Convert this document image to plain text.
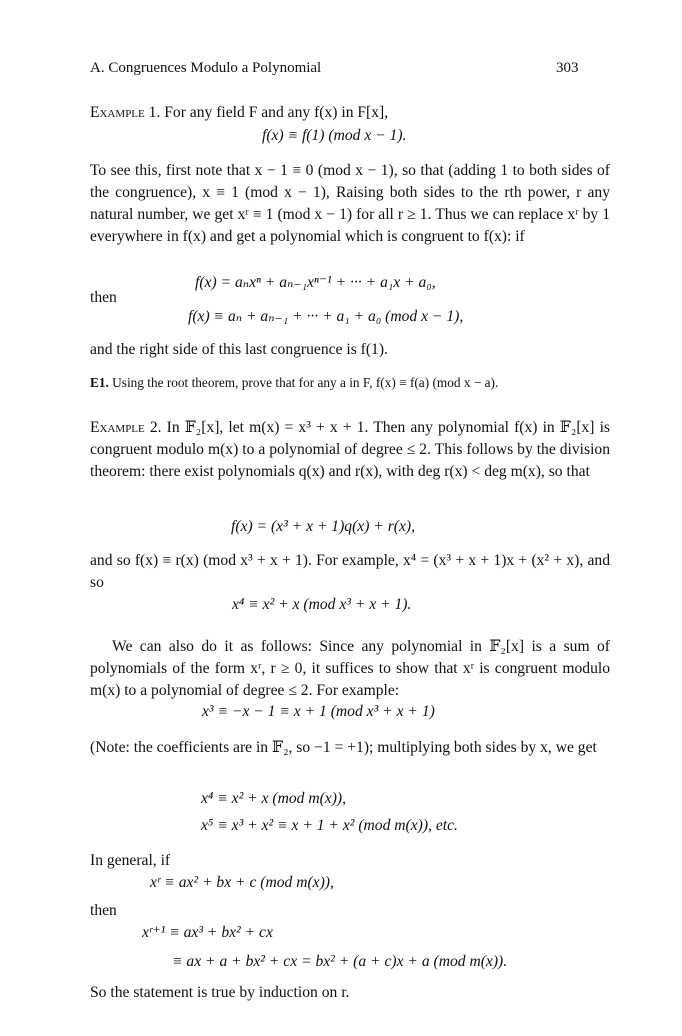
A. Congruences Modulo a Polynomial	303
Example 1. For any field F and any f(x) in F[x],
f(x) ≡ f(1) (mod x − 1).
To see this, first note that x − 1 ≡ 0 (mod x − 1), so that (adding 1 to both sides of the congruence), x ≡ 1 (mod x − 1), Raising both sides to the rth power, r any natural number, we get xʳ ≡ 1 (mod x − 1) for all r ≥ 1. Thus we can replace xʳ by 1 everywhere in f(x) and get a polynomial which is congruent to f(x): if
f(x) = aₙxⁿ + aₙ₋₁xⁿ⁻¹ + ··· + a₁x + a₀,
then
f(x) ≡ aₙ + aₙ₋₁ + ··· + a₁ + a₀ (mod x − 1),
and the right side of this last congruence is f(1).
E1. Using the root theorem, prove that for any a in F, f(x) ≡ f(a) (mod x − a).
Example 2. In 𝔽₂[x], let m(x) = x³ + x + 1. Then any polynomial f(x) in 𝔽₂[x] is congruent modulo m(x) to a polynomial of degree ≤ 2. This follows by the division theorem: there exist polynomials q(x) and r(x), with deg r(x) < deg m(x), so that
f(x) = (x³ + x + 1)q(x) + r(x),
and so f(x) ≡ r(x) (mod x³ + x + 1). For example, x⁴ = (x³ + x + 1)x + (x² + x), and so
x⁴ ≡ x² + x (mod x³ + x + 1).
We can also do it as follows: Since any polynomial in 𝔽₂[x] is a sum of polynomials of the form xʳ, r ≥ 0, it suffices to show that xʳ is congruent modulo m(x) to a polynomial of degree ≤ 2. For example:
x³ ≡ −x − 1 ≡ x + 1 (mod x³ + x + 1)
(Note: the coefficients are in 𝔽₂, so −1 = +1); multiplying both sides by x, we get
x⁴ ≡ x² + x (mod m(x)),
x⁵ ≡ x³ + x² ≡ x + 1 + x² (mod m(x)), etc.
In general, if
xʳ ≡ ax² + bx + c (mod m(x)),
then
xʳ⁺¹ ≡ ax³ + bx² + cx
≡ ax + a + bx² + cx = bx² + (a + c)x + a (mod m(x)).
So the statement is true by induction on r.
